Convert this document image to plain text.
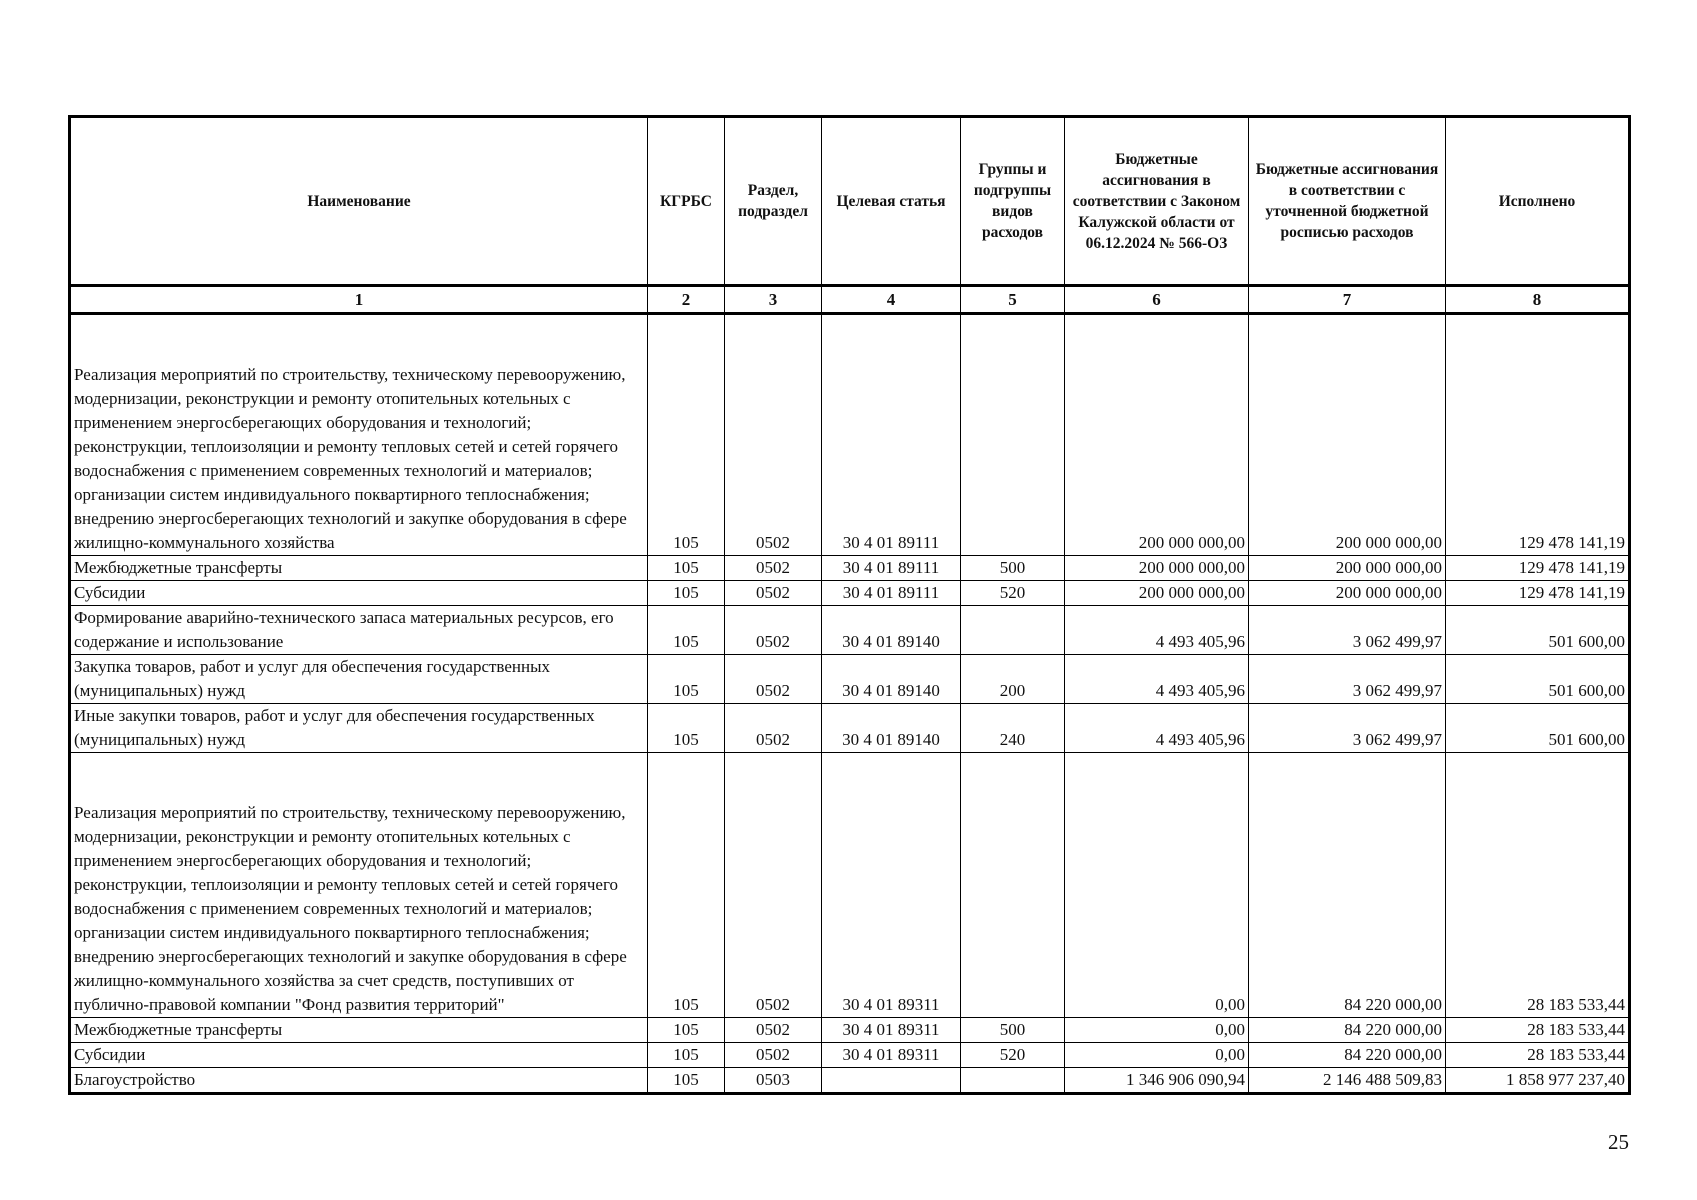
Наименование	КГРБС	Раздел, подраздел	Целевая статья	Группы и подгруппы видов расходов	Бюджетные ассигнования в соответствии с Законом Калужской области от 06.12.2024 № 566-ОЗ	Бюджетные ассигнования в соответствии с уточненной бюджетной росписью расходов	Исполнено
1	2	3	4	5	6	7	8
Реализация мероприятий по строительству, техническому перевооружению, модернизации, реконструкции и ремонту отопительных котельных с применением энергосберегающих оборудования и технологий; реконструкции, теплоизоляции и ремонту тепловых сетей и сетей горячего водоснабжения с применением современных технологий и материалов; организации систем индивидуального поквартирного теплоснабжения; внедрению энергосберегающих технологий и закупке оборудования в сфере жилищно-коммунального хозяйства	105	0502	30 4 01 89111		200 000 000,00	200 000 000,00	129 478 141,19
Межбюджетные трансферты	105	0502	30 4 01 89111	500	200 000 000,00	200 000 000,00	129 478 141,19
Субсидии	105	0502	30 4 01 89111	520	200 000 000,00	200 000 000,00	129 478 141,19
Формирование аварийно-технического запаса материальных ресурсов, его содержание и использование	105	0502	30 4 01 89140		4 493 405,96	3 062 499,97	501 600,00
Закупка товаров, работ и услуг для обеспечения государственных (муниципальных) нужд	105	0502	30 4 01 89140	200	4 493 405,96	3 062 499,97	501 600,00
Иные закупки товаров, работ и услуг для обеспечения государственных (муниципальных) нужд	105	0502	30 4 01 89140	240	4 493 405,96	3 062 499,97	501 600,00
Реализация мероприятий по строительству, техническому перевооружению, модернизации, реконструкции и ремонту отопительных котельных с применением энергосберегающих оборудования и технологий; реконструкции, теплоизоляции и ремонту тепловых сетей и сетей горячего водоснабжения с применением современных технологий и материалов; организации систем индивидуального поквартирного теплоснабжения; внедрению энергосберегающих технологий и закупке оборудования в сфере жилищно-коммунального хозяйства за счет средств, поступивших от публично-правовой компании "Фонд развития территорий"	105	0502	30 4 01 89311		0,00	84 220 000,00	28 183 533,44
Межбюджетные трансферты	105	0502	30 4 01 89311	500	0,00	84 220 000,00	28 183 533,44
Субсидии	105	0502	30 4 01 89311	520	0,00	84 220 000,00	28 183 533,44
Благоустройство	105	0503			1 346 906 090,94	2 146 488 509,83	1 858 977 237,40
25
